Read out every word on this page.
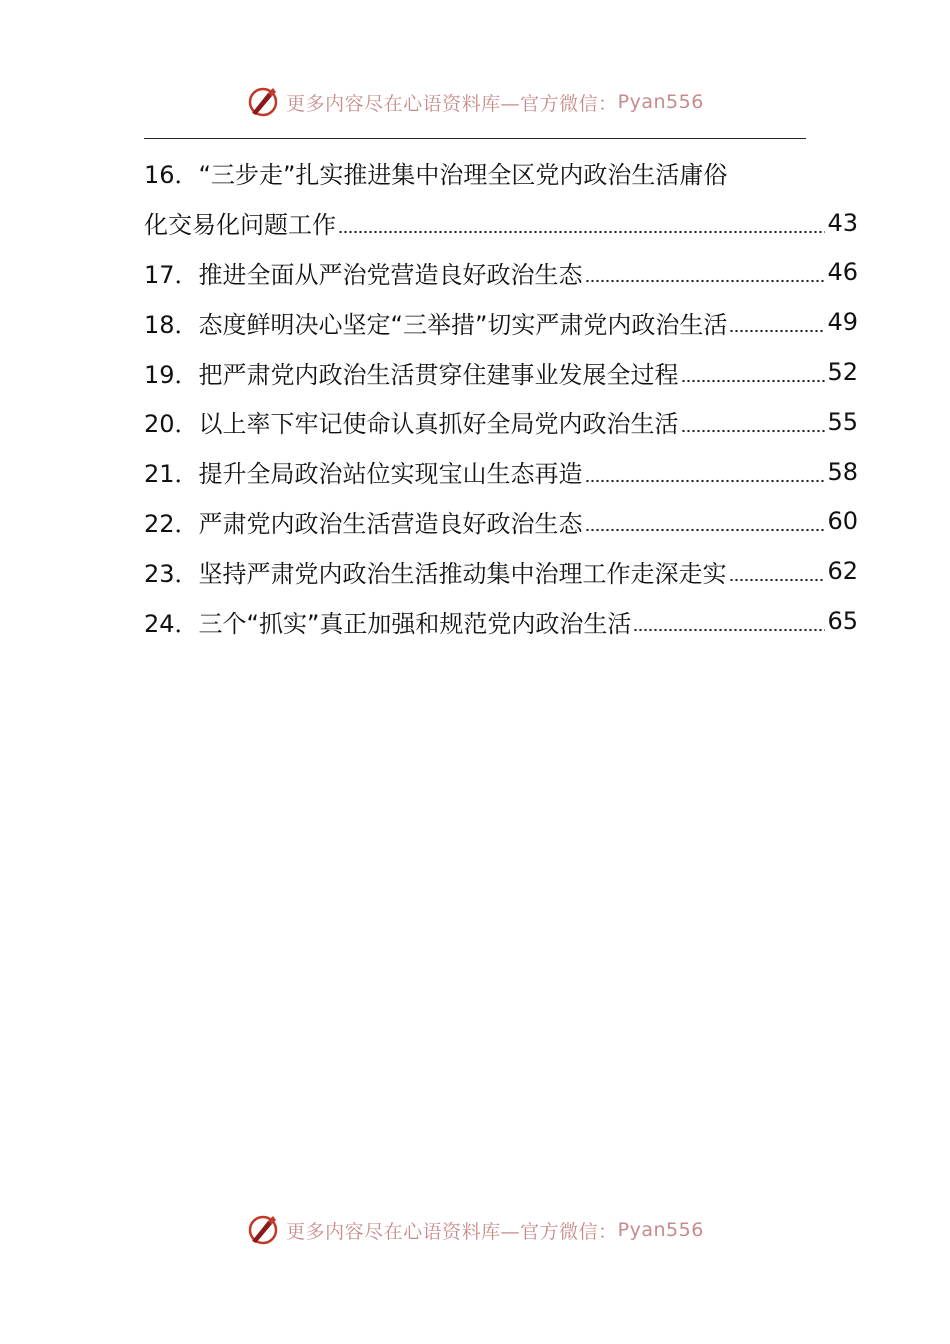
更多内容尽在心语资料库—官方微信： Pyan556
16． “三步走”扎实推进集中治理全区党内政治生活庸俗
化交易化问题工作	43
17． 推进全面从严治党营造良好政治生态	46
18． 态度鲜明决心坚定“三举措”切实严肃党内政治生活	49
19． 把严肃党内政治生活贯穿住建事业发展全过程	52
20． 以上率下牢记使命认真抓好全局党内政治生活	55
21． 提升全局政治站位实现宝山生态再造	58
22． 严肃党内政治生活营造良好政治生态	60
23． 坚持严肃党内政治生活推动集中治理工作走深走实	62
24． 三个“抓实”真正加强和规范党内政治生活	65
更多内容尽在心语资料库—官方微信： Pyan556
